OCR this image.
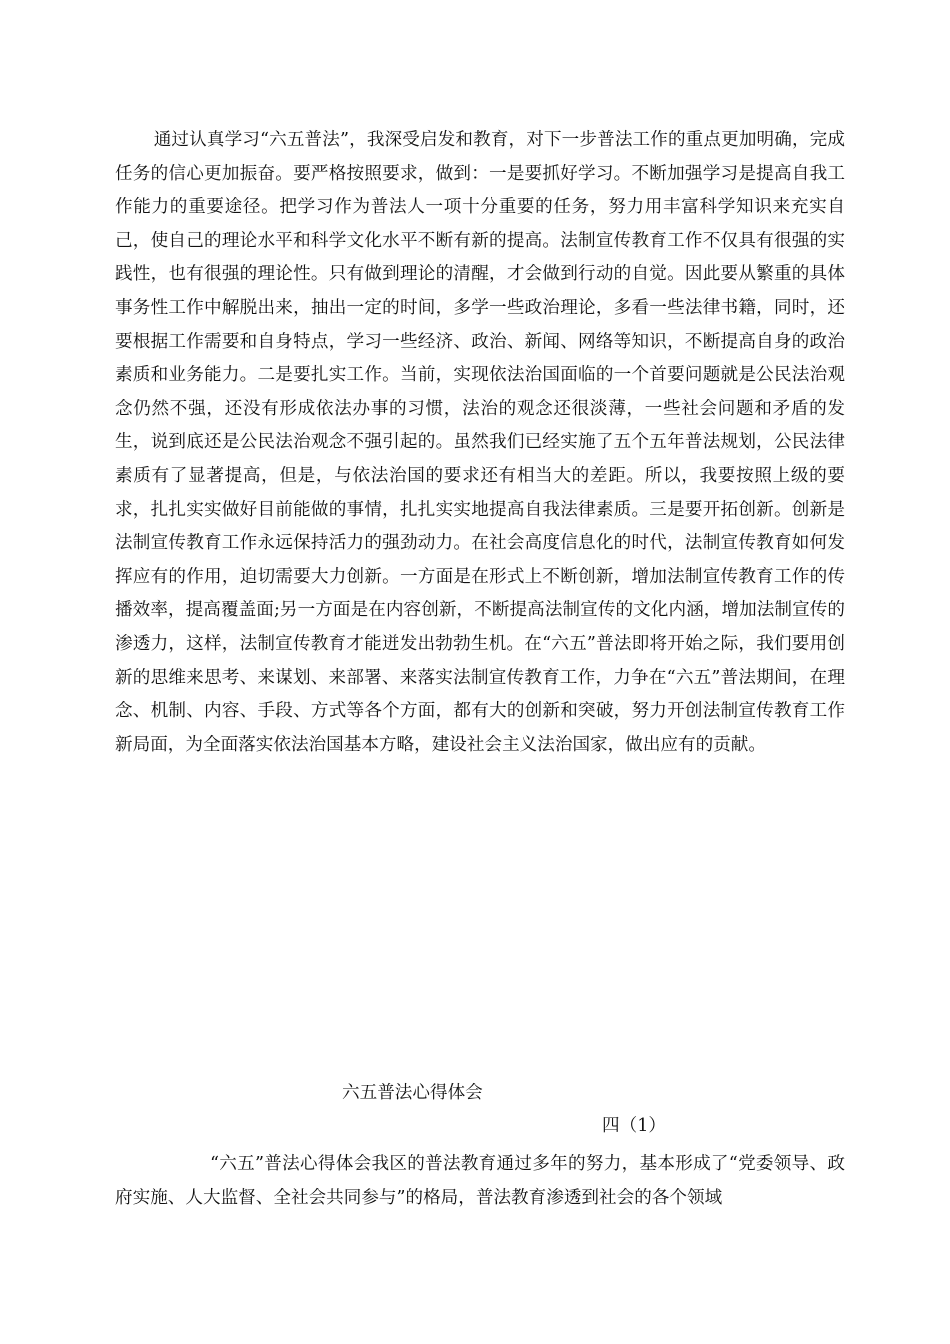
通过认真学习“六五普法”，我深受启发和教育，对下一步普法工作的重点更加明确，完成任务的信心更加振奋。要严格按照要求，做到：一是要抓好学习。不断加强学习是提高自我工作能力的重要途径。把学习作为普法人一项十分重要的任务，努力用丰富科学知识来充实自己，使自己的理论水平和科学文化水平不断有新的提高。法制宣传教育工作不仅具有很强的实践性，也有很强的理论性。只有做到理论的清醒，才会做到行动的自觉。因此要从繁重的具体事务性工作中解脱出来，抽出一定的时间，多学一些政治理论，多看一些法律书籍，同时，还要根据工作需要和自身特点，学习一些经济、政治、新闻、网络等知识，不断提高自身的政治素质和业务能力。二是要扎实工作。当前，实现依法治国面临的一个首要问题就是公民法治观念仍然不强，还没有形成依法办事的习惯，法治的观念还很淡薄，一些社会问题和矛盾的发生，说到底还是公民法治观念不强引起的。虽然我们已经实施了五个五年普法规划，公民法律素质有了显著提高，但是，与依法治国的要求还有相当大的差距。所以，我要按照上级的要求，扎扎实实做好目前能做的事情，扎扎实实地提高自我法律素质。三是要开拓创新。创新是法制宣传教育工作永远保持活力的强劲动力。在社会高度信息化的时代，法制宣传教育如何发挥应有的作用，迫切需要大力创新。一方面是在形式上不断创新，增加法制宣传教育工作的传播效率，提高覆盖面;另一方面是在内容创新，不断提高法制宣传的文化内涵，增加法制宣传的渗透力，这样，法制宣传教育才能迸发出勃勃生机。在“六五”普法即将开始之际，我们要用创新的思维来思考、来谋划、来部署、来落实法制宣传教育工作，力争在“六五”普法期间，在理念、机制、内容、手段、方式等各个方面，都有大的创新和突破，努力开创法制宣传教育工作新局面，为全面落实依法治国基本方略，建设社会主义法治国家，做出应有的贡献。

六五普法心得体会

四（1）

“六五”普法心得体会我区的普法教育通过多年的努力，基本形成了“党委领导、政府实施、人大监督、全社会共同参与”的格局，普法教育渗透到社会的各个领域
